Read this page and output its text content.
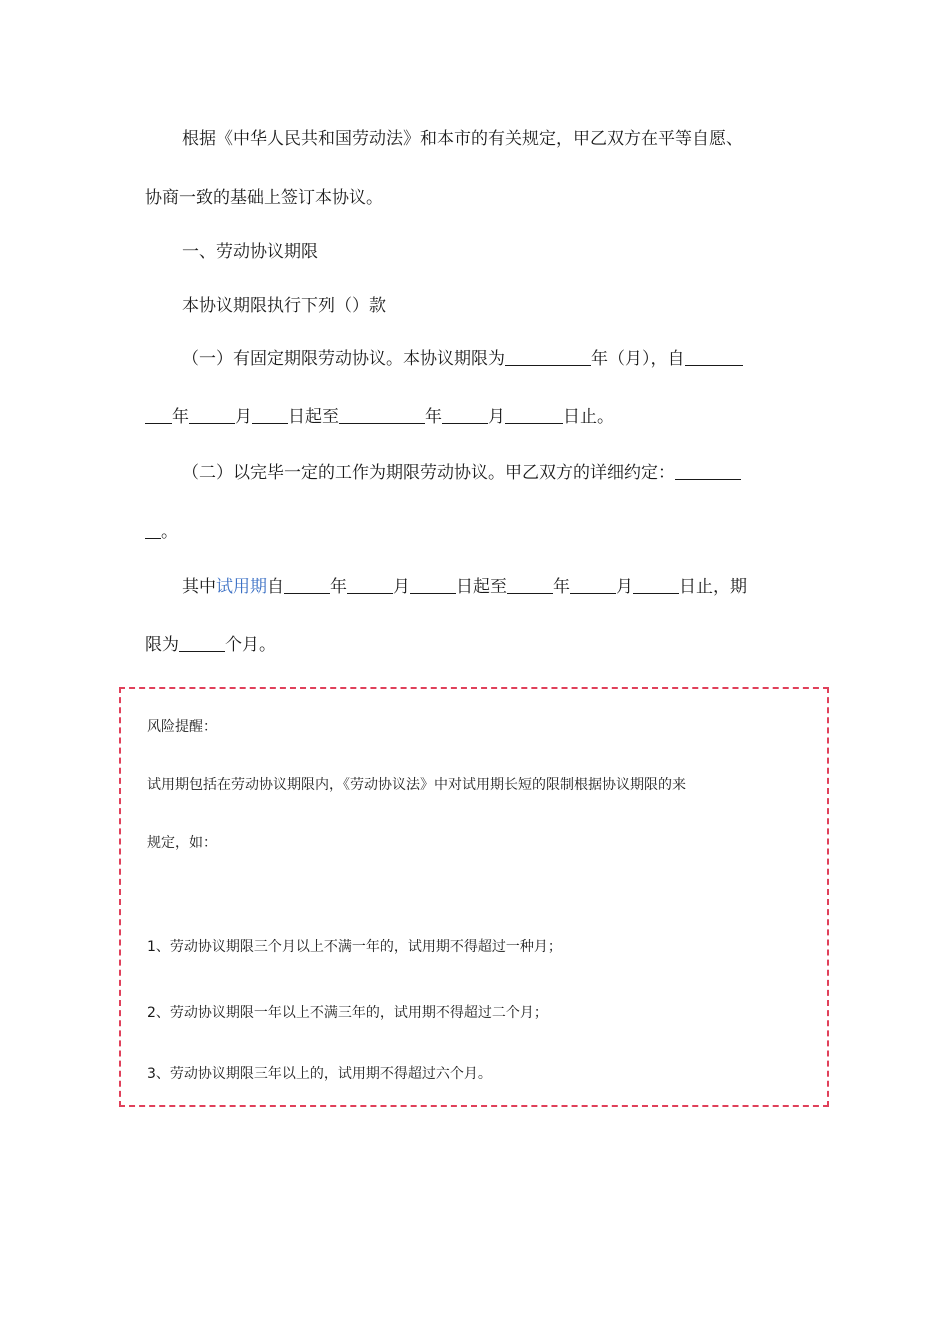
根据《中华人民共和国劳动法》和本市的有关规定，甲乙双方在平等自愿、
协商一致的基础上签订本协议。
一、劳动协议期限
本协议期限执行下列（）款
（一）有固定期限劳动协议。本协议期限为	年（月），自
年	月 日起至	年	月	日止。
（二）以完毕一定的工作为期限劳动协议。甲乙双方的详细约定：
。
其中试用期自	年	月	日起至	年	月	日止，期
限为	个月。
风险提醒：
试用期包括在劳动协议期限内，《劳动协议法》中对试用期长短的限制根据协议期限的来
规定，如：
1、劳动协议期限三个月以上不满一年的，试用期不得超过一种月；
2、劳动协议期限一年以上不满三年的，试用期不得超过二个月；
3、劳动协议期限三年以上的，试用期不得超过六个月。
